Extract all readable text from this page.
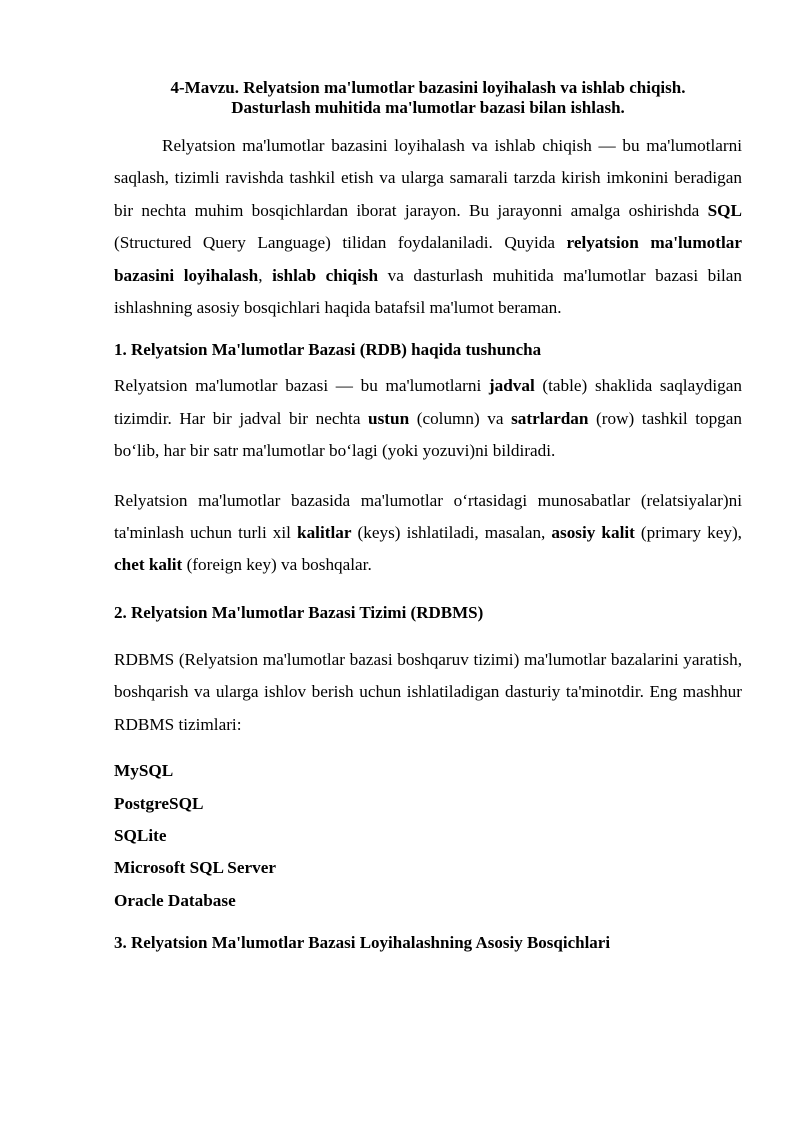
4-Mavzu. Relyatsion ma'lumotlar bazasini loyihalash va ishlab chiqish.
Dasturlash muhitida ma'lumotlar bazasi bilan ishlash.

Relyatsion ma'lumotlar bazasini loyihalash va ishlab chiqish — bu ma'lumotlarni saqlash, tizimli ravishda tashkil etish va ularga samarali tarzda kirish imkonini beradigan bir nechta muhim bosqichlardan iborat jarayon. Bu jarayonni amalga oshirishda SQL (Structured Query Language) tilidan foydalaniladi. Quyida relyatsion ma'lumotlar bazasini loyihalash, ishlab chiqish va dasturlash muhitida ma'lumotlar bazasi bilan ishlashning asosiy bosqichlari haqida batafsil ma'lumot beraman.

1. Relyatsion Ma'lumotlar Bazasi (RDB) haqida tushuncha

Relyatsion ma'lumotlar bazasi — bu ma'lumotlarni jadval (table) shaklida saqlaydigan tizimdir. Har bir jadval bir nechta ustun (column) va satrlardan (row) tashkil topgan bo‘lib, har bir satr ma'lumotlar bo‘lagi (yoki yozuvi)ni bildiradi.

Relyatsion ma'lumotlar bazasida ma'lumotlar o‘rtasidagi munosabatlar (relatsiyalar)ni ta'minlash uchun turli xil kalitlar (keys) ishlatiladi, masalan, asosiy kalit (primary key), chet kalit (foreign key) va boshqalar.

2. Relyatsion Ma'lumotlar Bazasi Tizimi (RDBMS)

RDBMS (Relyatsion ma'lumotlar bazasi boshqaruv tizimi) ma'lumotlar bazalarini yaratish, boshqarish va ularga ishlov berish uchun ishlatiladigan dasturiy ta'minotdir. Eng mashhur RDBMS tizimlari:

MySQL
PostgreSQL
SQLite
Microsoft SQL Server
Oracle Database
3. Relyatsion Ma'lumotlar Bazasi Loyihalashning Asosiy Bosqichlari
